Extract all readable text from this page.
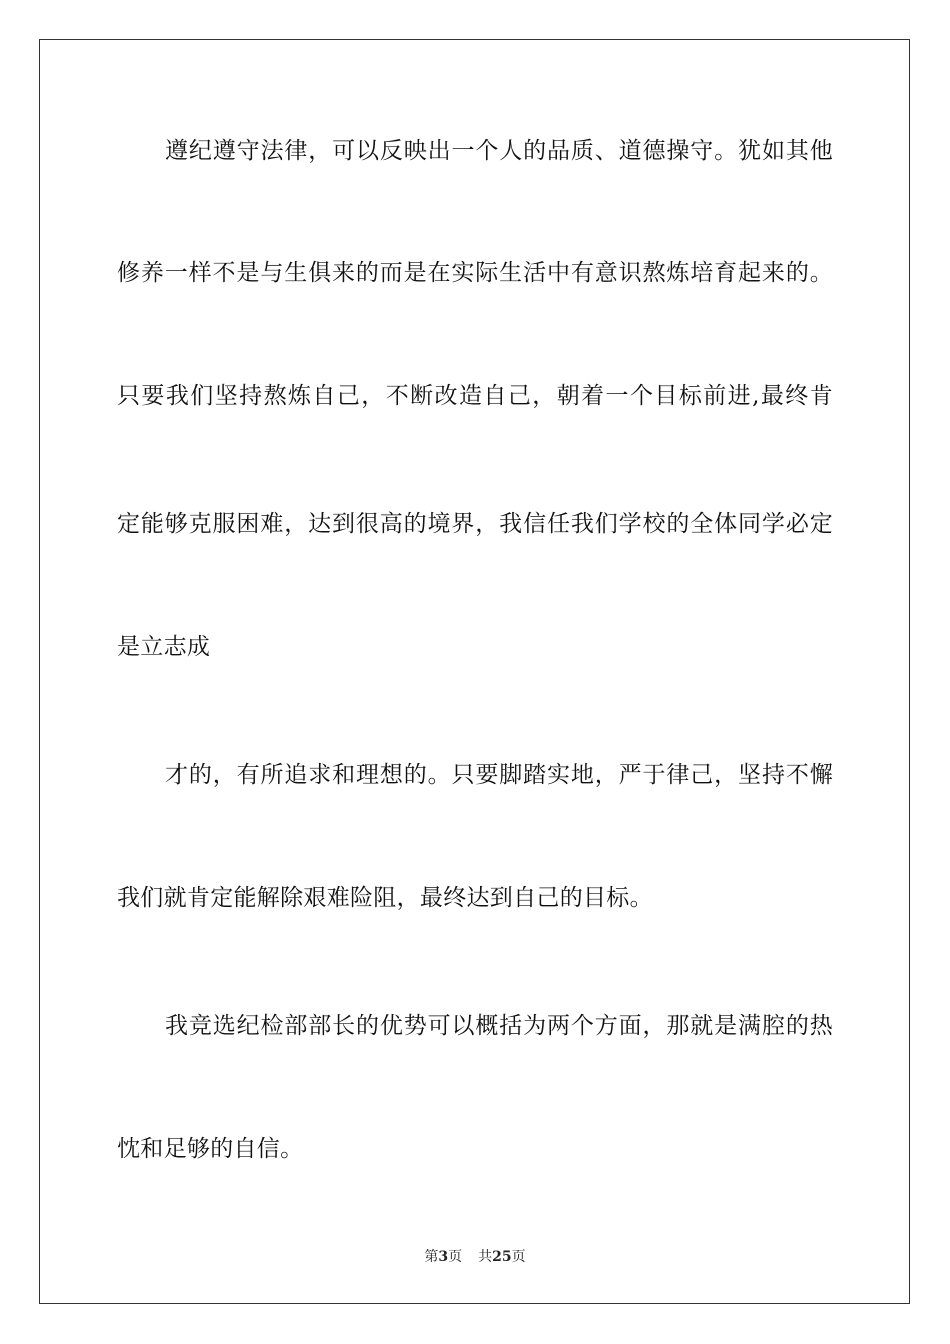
遵纪遵守法律，可以反映出一个人的品质、道德操守。犹如其他
修养一样不是与生俱来的而是在实际生活中有意识熬炼培育起来的。
只要我们坚持熬炼自己，不断改造自己，朝着一个目标前进,最终肯
定能够克服困难，达到很高的境界，我信任我们学校的全体同学必定
是立志成
才的，有所追求和理想的。只要脚踏实地，严于律己，坚持不懈
我们就肯定能解除艰难险阻，最终达到自己的目标。
我竞选纪检部部长的优势可以概括为两个方面，那就是满腔的热
忱和足够的自信。
第3页 共25页
